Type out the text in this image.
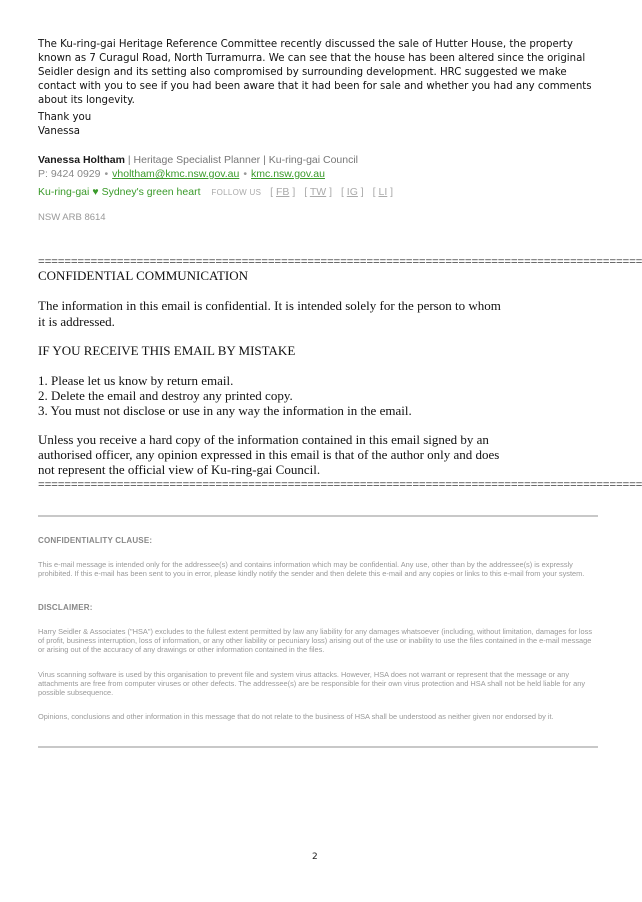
The Ku-ring-gai Heritage Reference Committee recently discussed the sale of Hutter House, the property known as 7 Curagul Road, North Turramurra. We can see that the house has been altered since the original Seidler design and its setting also compromised by surrounding development. HRC suggested we make contact with you to see if you had been aware that it had been for sale and whether you had any comments about its longevity.

Thank you
Vanessa
Vanessa Holtham | Heritage Specialist Planner | Ku-ring-gai Council
P: 9424 0929 • vholtham@kmc.nsw.gov.au • kmc.nsw.gov.au
Ku-ring-gai ♥ Sydney's green heart FOLLOW US [ FB ] [ TW ] [ IG ] [ LI ]
NSW ARB 8614
============================================================================================
CONFIDENTIAL COMMUNICATION
The information in this email is confidential. It is intended solely for the person to whom it is addressed.
IF YOU RECEIVE THIS EMAIL BY MISTAKE
1. Please let us know by return email.
2. Delete the email and destroy any printed copy.
3. You must not disclose or use in any way the information in the email.
Unless you receive a hard copy of the information contained in this email signed by an authorised officer, any opinion expressed in this email is that of the author only and does not represent the official view of Ku-ring-gai Council.
============================================================================================
CONFIDENTIALITY CLAUSE:
This e-mail message is intended only for the addressee(s) and contains information which may be confidential. Any use, other than by the addressee(s) is expressly prohibited. If this e-mail has been sent to you in error, please kindly notify the sender and then delete this e-mail and any copies or links to this e-mail from your system.
DISCLAIMER:
Harry Seidler & Associates ("HSA") excludes to the fullest extent permitted by law any liability for any damages whatsoever (including, without limitation, damages for loss of profit, business interruption, loss of information, or any other liability or pecuniary loss) arising out of the use or inability to use the files contained in the e-mail message or arising out of the accuracy of any drawings or other information contained in the files.
Virus scanning software is used by this organisation to prevent file and system virus attacks. However, HSA does not warrant or represent that the message or any attachments are free from computer viruses or other defects. The addressee(s) are be responsible for their own virus protection and HSA shall not be held liable for any possible subsequence.
Opinions, conclusions and other information in this message that do not relate to the business of HSA shall be understood as neither given nor endorsed by it.
2
